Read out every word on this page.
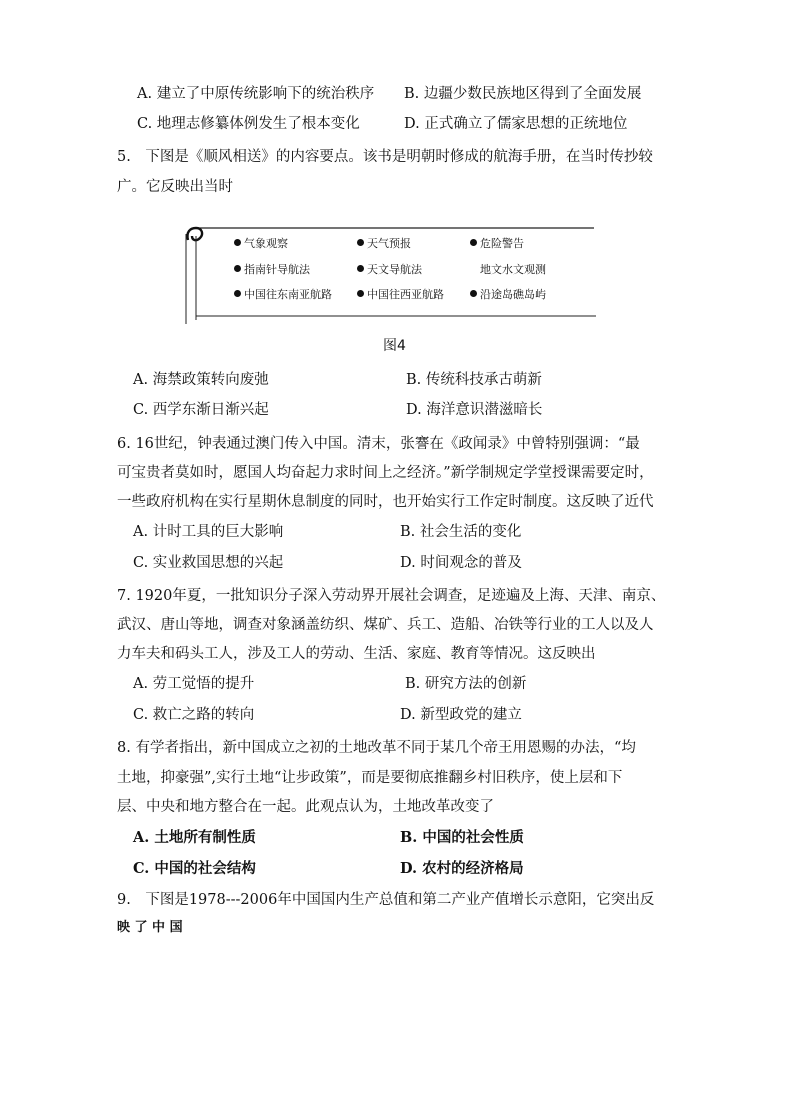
A. 建立了中原传统影响下的统治秩序 B. 边疆少数民族地区得到了全面发展
C. 地理志修纂体例发生了根本变化	D. 正式确立了儒家思想的正统地位
5.　下图是《顺风相送》的内容要点。该书是明朝时修成的航海手册，在当时传抄较
广。它反映出当时
气象观察	天气预报	危险警告
指南针导航法	天文导航法	地文水文观测
中国往东南亚航路	中国往西亚航路	沿途岛礁岛屿
图4
A. 海禁政策转向废弛	B. 传统科技承古萌新
C. 西学东渐日渐兴起	D. 海洋意识潜滋暗长
6. 16世纪，钟表通过澳门传入中国。清末，张謇在《政闻录》中曾特别强调：“最
可宝贵者莫如时，愿国人均奋起力求时间上之经济。”新学制规定学堂授课需要定时，
一些政府机构在实行星期休息制度的同时，也开始实行工作定时制度。这反映了近代
A. 计时工具的巨大影响	B. 社会生活的变化
C. 实业救国思想的兴起	D. 时间观念的普及
7. 1920年夏，一批知识分子深入劳动界开展社会调查，足迹遍及上海、天津、南京、
武汉、唐山等地，调查对象涵盖纺织、煤矿、兵工、造船、冶铁等行业的工人以及人
力车夫和码头工人，涉及工人的劳动、生活、家庭、教育等情况。这反映出
A. 劳工觉悟的提升	B. 研究方法的创新
C. 救亡之路的转向	D. 新型政党的建立
8. 有学者指出，新中国成立之初的土地改革不同于某几个帝王用恩赐的办法，“均
土地，抑豪强”,实行土地“让步政策”，而是要彻底推翻乡村旧秩序，使上层和下
层、中央和地方整合在一起。此观点认为，土地改革改变了
A. 土地所有制性质	B. 中国的社会性质
C. 中国的社会结构	D. 农村的经济格局
9.　下图是1978---2006年中国国内生产总值和第二产业产值增长示意阳，它突出反
映 了 中 国
